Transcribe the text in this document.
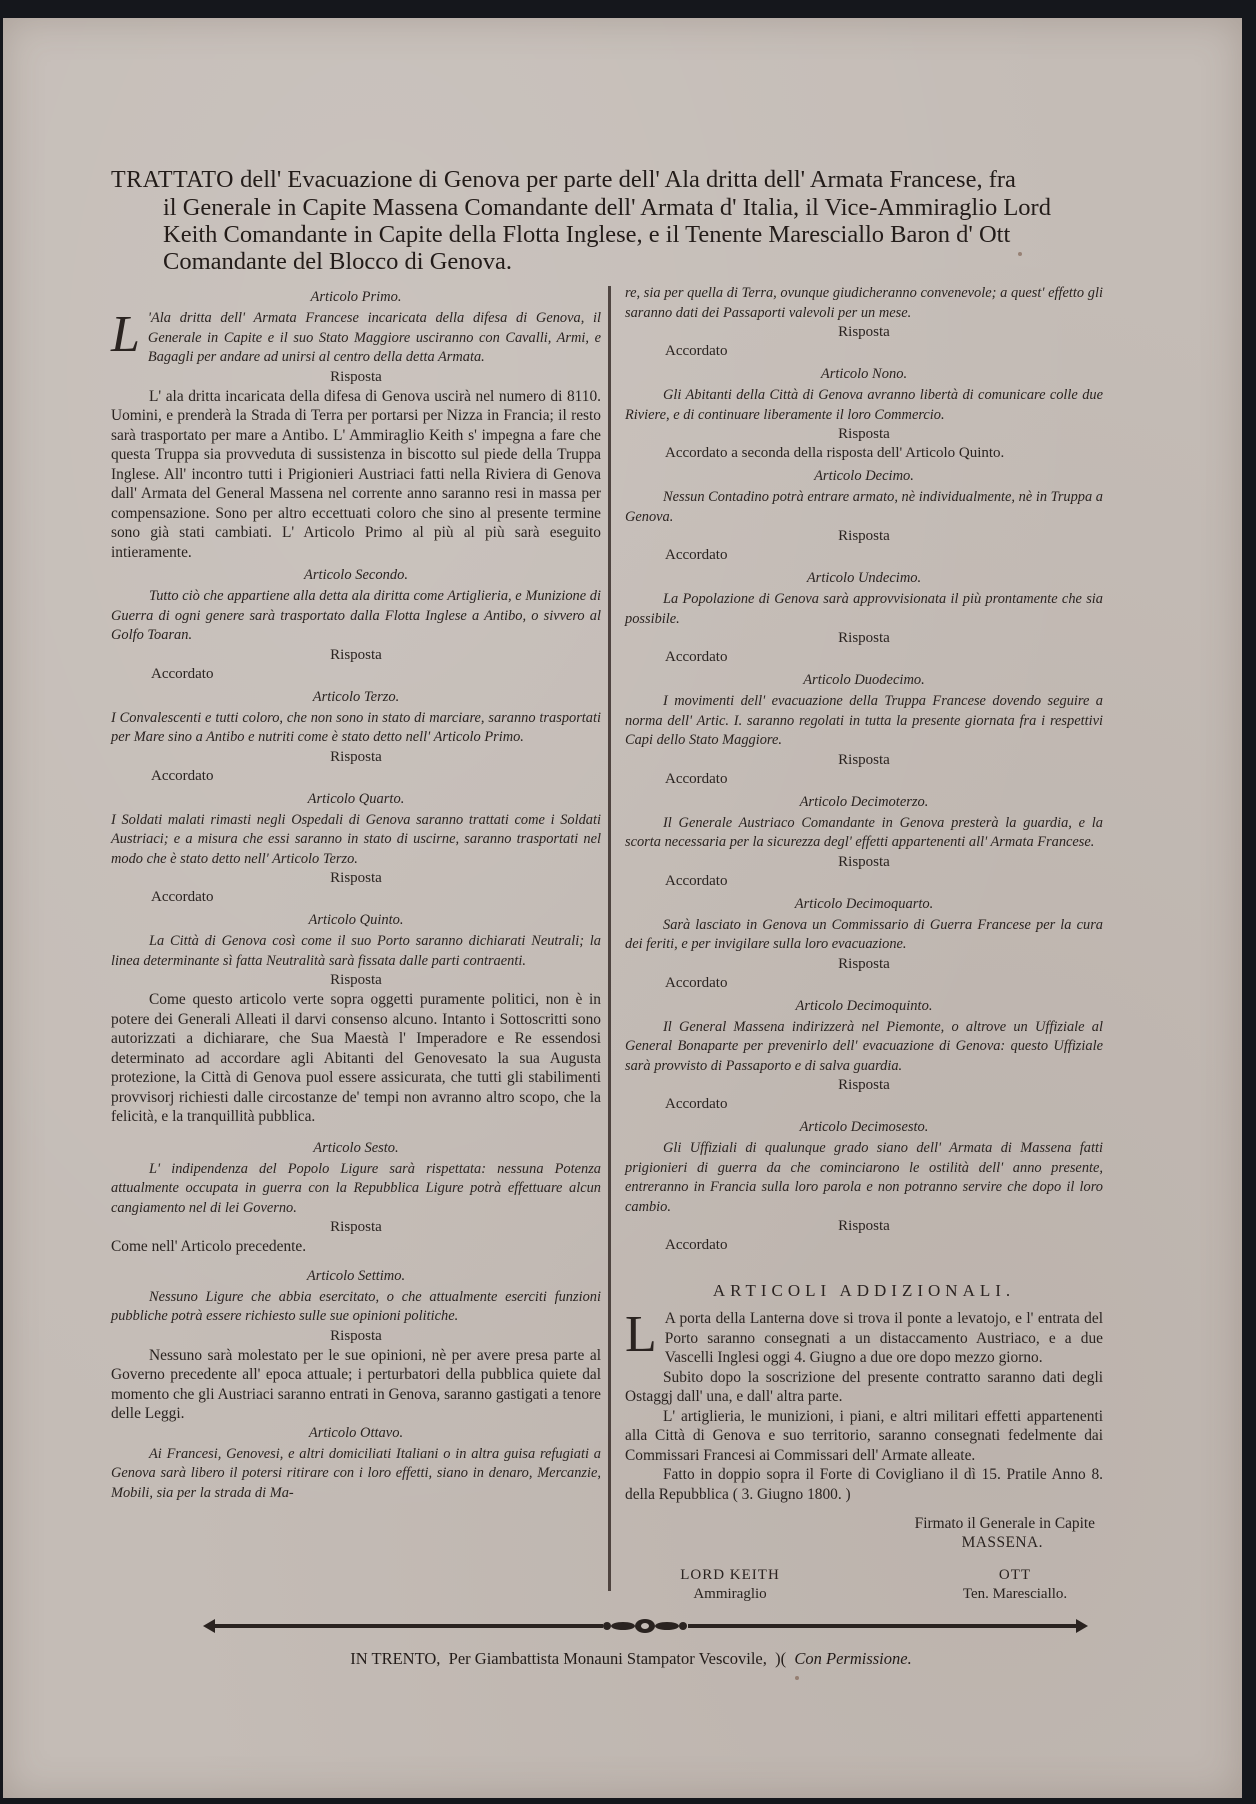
TRATTATO dell' Evacuazione di Genova per parte dell' Ala dritta dell' Armata Francese, fra
il Generale in Capite Massena Comandante dell' Armata d' Italia, il Vice-Ammiraglio Lord
Keith Comandante in Capite della Flotta Inglese, e il Tenente Maresciallo Baron d' Ott
Comandante del Blocco di Genova.
Articolo Primo.

L 'Ala dritta dell' Armata Francese incaricata della difesa di Genova, il Generale in Capite e il suo Stato Maggiore usciranno con Cavalli, Armi, e Bagagli per andare ad unirsi al centro della detta Armata.

Risposta

L' ala dritta incaricata della difesa di Genova uscirà nel numero di 8110. Uomini, e prenderà la Strada di Terra per portarsi per Nizza in Francia; il resto sarà trasportato per mare a Antibo. L' Ammiraglio Keith s' impegna a fare che questa Truppa sia provveduta di sussistenza in biscotto sul piede della Truppa Inglese. All' incontro tutti i Prigionieri Austriaci fatti nella Riviera di Genova dall' Armata del General Massena nel corrente anno saranno resi in massa per compensazione. Sono per altro eccettuati coloro che sino al presente termine sono già stati cambiati. L' Articolo Primo al più al più sarà eseguito intieramente.

Articolo Secondo.

Tutto ciò che appartiene alla detta ala diritta come Artiglieria, e Munizione di Guerra di ogni genere sarà trasportato dalla Flotta Inglese a Antibo, o sivvero al Golfo Toaran.

Risposta
Accordato
Articolo Terzo.

I Convalescenti e tutti coloro, che non sono in stato di marciare, saranno trasportati per Mare sino a Antibo e nutriti come è stato detto nell' Articolo Primo.

Risposta
Accordato
Articolo Quarto.

I Soldati malati rimasti negli Ospedali di Genova saranno trattati come i Soldati Austriaci; e a misura che essi saranno in stato di uscirne, saranno trasportati nel modo che è stato detto nell' Articolo Terzo.

Risposta
Accordato
Articolo Quinto.

La Città di Genova così come il suo Porto saranno dichiarati Neutrali; la linea determinante sì fatta Neutralità sarà fissata dalle parti contraenti.

Risposta

Come questo articolo verte sopra oggetti puramente politici, non è in potere dei Generali Alleati il darvi consenso alcuno. Intanto i Sottoscritti sono autorizzati a dichiarare, che Sua Maestà l' Imperadore e Re essendosi determinato ad accordare agli Abitanti del Genovesato la sua Augusta protezione, la Città di Genova puol essere assicurata, che tutti gli stabilimenti provvisorj richiesti dalle circostanze de' tempi non avranno altro scopo, che la felicità, e la tranquillità pubblica.

Articolo Sesto.

L' indipendenza del Popolo Ligure sarà rispettata: nessuna Potenza attualmente occupata in guerra con la Repubblica Ligure potrà effettuare alcun cangiamento nel di lei Governo.

Risposta
Come nell' Articolo precedente.
Articolo Settimo.

Nessuno Ligure che abbia esercitato, o che attualmente eserciti funzioni pubbliche potrà essere richiesto sulle sue opinioni politiche.

Risposta

Nessuno sarà molestato per le sue opinioni, nè per avere presa parte al Governo precedente all' epoca attuale; i perturbatori della pubblica quiete dal momento che gli Austriaci saranno entrati in Genova, saranno gastigati a tenore delle Leggi.

Articolo Ottavo.

Ai Francesi, Genovesi, e altri domiciliati Italiani o in altra guisa refugiati a Genova sarà libero il potersi ritirare con i loro effetti, siano in denaro, Mercanzie, Mobili, sia per la strada di Ma-

re, sia per quella di Terra, ovunque giudicheranno convenevole; a quest' effetto gli saranno dati dei Passaporti valevoli per un mese.

Risposta
Accordato
Articolo Nono.

Gli Abitanti della Città di Genova avranno libertà di comunicare colle due Riviere, e di continuare liberamente il loro Commercio.

Risposta
Accordato a seconda della risposta dell' Articolo Quinto.
Articolo Decimo.

Nessun Contadino potrà entrare armato, nè individualmente, nè in Truppa a Genova.

Risposta
Accordato
Articolo Undecimo.

La Popolazione di Genova sarà approvvisionata il più prontamente che sia possibile.

Risposta
Accordato
Articolo Duodecimo.

I movimenti dell' evacuazione della Truppa Francese dovendo seguire a norma dell' Artic. I. saranno regolati in tutta la presente giornata fra i respettivi Capi dello Stato Maggiore.

Risposta
Accordato
Articolo Decimoterzo.

Il Generale Austriaco Comandante in Genova presterà la guardia, e la scorta necessaria per la sicurezza degl' effetti appartenenti all' Armata Francese.

Risposta
Accordato
Articolo Decimoquarto.

Sarà lasciato in Genova un Commissario di Guerra Francese per la cura dei feriti, e per invigilare sulla loro evacuazione.

Risposta
Accordato
Articolo Decimoquinto.

Il General Massena indirizzerà nel Piemonte, o altrove un Uffiziale al General Bonaparte per prevenirlo dell' evacuazione di Genova: questo Uffiziale sarà provvisto di Passaporto e di salva guardia.

Risposta
Accordato
Articolo Decimosesto.

Gli Uffiziali di qualunque grado siano dell' Armata di Massena fatti prigionieri di guerra da che cominciarono le ostilità dell' anno presente, entreranno in Francia sulla loro parola e non potranno servire che dopo il loro cambio.

Risposta
Accordato
ARTICOLI ADDIZIONALI.

L A porta della Lanterna dove si trova il ponte a levatojo, e l' entrata del Porto saranno consegnati a un distaccamento Austriaco, e a due Vascelli Inglesi oggi 4. Giugno a due ore dopo mezzo giorno.

Subito dopo la soscrizione del presente contratto saranno dati degli Ostaggj dall' una, e dall' altra parte.

L' artiglieria, le munizioni, i piani, e altri militari effetti appartenenti alla Città di Genova e suo territorio, saranno consegnati fedelmente dai Commissari Francesi ai Commissari dell' Armate alleate.

Fatto in doppio sopra il Forte di Covigliano il dì 15. Pratile Anno 8. della Repubblica ( 3. Giugno 1800. )

Firmato il Generale in Capite
MASSENA.
LORD KEITH
Ammiraglio
OTT
Ten. Maresciallo.
IN TRENTO, Per Giambattista Monauni Stampator Vescovile, )( Con Permissione.
